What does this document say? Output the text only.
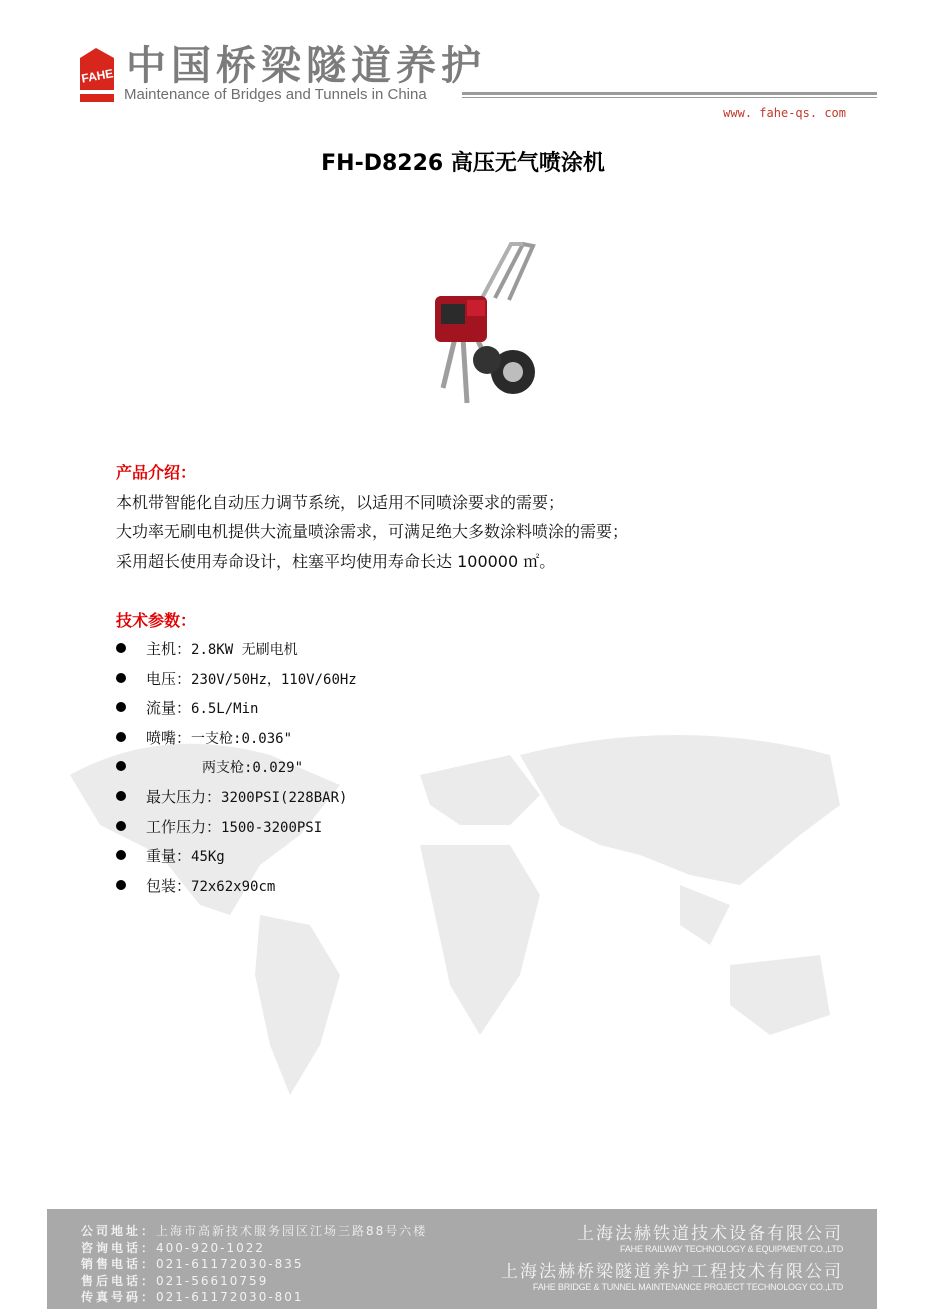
FAHE 中国桥梁隧道养护
Maintenance of Bridges and Tunnels in China
www. fahe-qs. com
FH-D8226 高压无气喷涂机
产品介绍：
本机带智能化自动压力调节系统，以适用不同喷涂要求的需要；
大功率无刷电机提供大流量喷涂需求，可满足绝大多数涂料喷涂的需要；
采用超长使用寿命设计，柱塞平均使用寿命长达 100000 ㎡。
技术参数：
主机：2.8KW 无刷电机
电压：230V/50Hz，110V/60Hz
流量：6.5L/Min
喷嘴：一支枪:0.036"
两支枪:0.029"
最大压力：3200PSI(228BAR)
工作压力：1500-3200PSI
重量：45Kg
包装：72x62x90cm
公司地址：上海市高新技术服务园区江场三路88号六楼
咨询电话：400-920-1022
销售电话：021-61172030-835
售后电话：021-56610759
传真号码：021-61172030-801
上海法赫铁道技术设备有限公司
FAHE RAILWAY TECHNOLOGY & EQUIPMENT CO.,LTD
上海法赫桥梁隧道养护工程技术有限公司
FAHE BRIDGE & TUNNEL MAINTENANCE PROJECT TECHNOLOGY CO.,LTD
